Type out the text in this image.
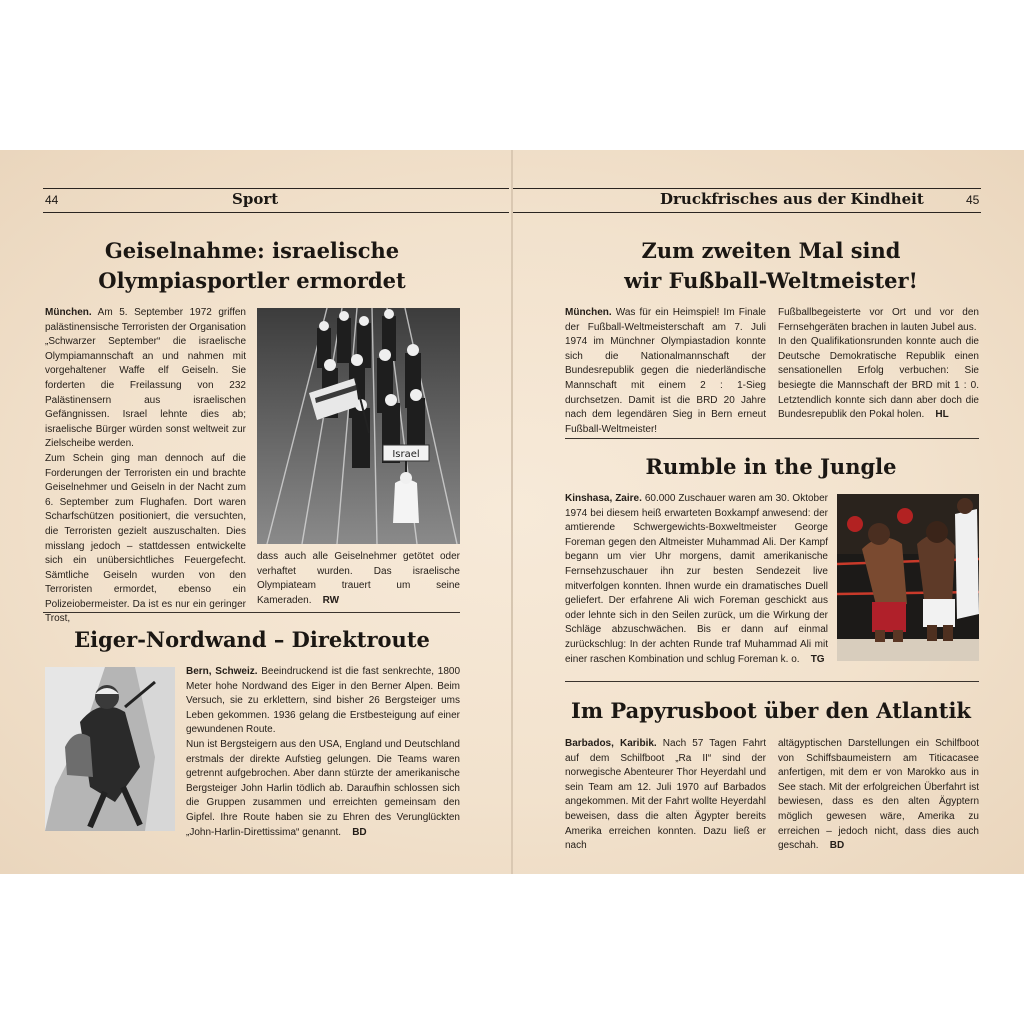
44	Sport
Geiselnahme: israelische
Olympiasportler ermordet

München. Am 5. September 1972 griffen palästinensische Terroristen der Organisation „Schwarzer September“ die israelische Olympiamannschaft an und nahmen mit vorgehaltener Waffe elf Geiseln. Sie forderten die Freilassung von 232 Palästinensern aus israelischen Gefängnissen. Israel lehnte dies ab; israelische Bürger würden sonst weltweit zur Zielscheibe werden.
Zum Schein ging man dennoch auf die Forderungen der Terroristen ein und brachte Geiselnehmer und Geiseln in der Nacht zum 6. September zum Flughafen. Dort waren Scharfschützen positioniert, die versuchten, die Terroristen gezielt auszuschalten. Dies misslang jedoch – stattdessen entwickelte sich ein unübersichtliches Feuergefecht. Sämtliche Geiseln wurden von den Terroristen ermordet, ebenso ein Polizeiobermeister. Da ist es nur ein geringer Trost,

Israel

dass auch alle Geiselnehmer getötet oder verhaftet wurden. Das israelische Olympiateam trauert um seine Kameraden. RW

Eiger-Nordwand – Direktroute

Bern, Schweiz. Beeindruckend ist die fast senkrechte, 1800 Meter hohe Nordwand des Eiger in den Berner Alpen. Beim Versuch, sie zu erklettern, sind bisher 26 Bergsteiger ums Leben gekommen. 1936 gelang die Erstbesteigung auf einer gewundenen Route.
Nun ist Bergsteigern aus den USA, England und Deutschland erstmals der direkte Aufstieg gelungen. Die Teams waren getrennt aufgebrochen. Aber dann stürzte der amerikanische Bergsteiger John Harlin tödlich ab. Daraufhin schlossen sich die Gruppen zusammen und erreichten gemeinsam den Gipfel. Ihre Route haben sie zu Ehren des Verunglückten „John-Harlin-Direttissima“ genannt. BD

Druckfrisches aus der Kindheit	45
Zum zweiten Mal sind
wir Fußball-Weltmeister!

München. Was für ein Heimspiel! Im Finale der Fußball-Weltmeisterschaft am 7. Juli 1974 im Münchner Olympiastadion konnte sich die Nationalmannschaft der Bundesrepublik gegen die niederländische Mannschaft mit einem 2 : 1-Sieg durchsetzen. Damit ist die BRD 20 Jahre nach dem legendären Sieg in Bern erneut Fußball-Weltmeister!

Fußballbegeisterte vor Ort und vor den Fernsehgeräten brachen in lauten Jubel aus.
In den Qualifikationsrunden konnte auch die Deutsche Demokratische Republik einen sensationellen Erfolg verbuchen: Sie besiegte die Mannschaft der BRD mit 1 : 0. Letztendlich konnte sich dann aber doch die Bundesrepublik den Pokal holen. HL

Rumble in the Jungle

Kinshasa, Zaire. 60.000 Zuschauer waren am 30. Oktober 1974 bei diesem heiß erwarteten Boxkampf anwesend: der amtierende Schwergewichts-Boxweltmeister George Foreman gegen den Altmeister Muhammad Ali. Der Kampf begann um vier Uhr morgens, damit amerikanische Fernsehzuschauer ihn zur besten Sendezeit live mitverfolgen konnten. Ihnen wurde ein dramatisches Duell geliefert. Der erfahrene Ali wich Foreman geschickt aus oder lehnte sich in den Seilen zurück, um die Wirkung der Schläge abzuschwächen. Bis er dann auf einmal zurückschlug: In der achten Runde traf Muhammad Ali mit einer raschen Kombination und schlug Foreman k. o. TG

Im Papyrusboot über den Atlantik

Barbados, Karibik. Nach 57 Tagen Fahrt auf dem Schilfboot „Ra II“ sind der norwegische Abenteurer Thor Heyerdahl und sein Team am 12. Juli 1970 auf Barbados angekommen. Mit der Fahrt wollte Heyerdahl beweisen, dass die alten Ägypter bereits Amerika erreichen konnten. Dazu ließ er nach

altägyptischen Darstellungen ein Schilfboot von Schiffsbaumeistern am Titicacasee anfertigen, mit dem er von Marokko aus in See stach. Mit der erfolgreichen Überfahrt ist bewiesen, dass es den alten Ägyptern möglich gewesen wäre, Amerika zu erreichen – jedoch nicht, dass dies auch geschah. BD
